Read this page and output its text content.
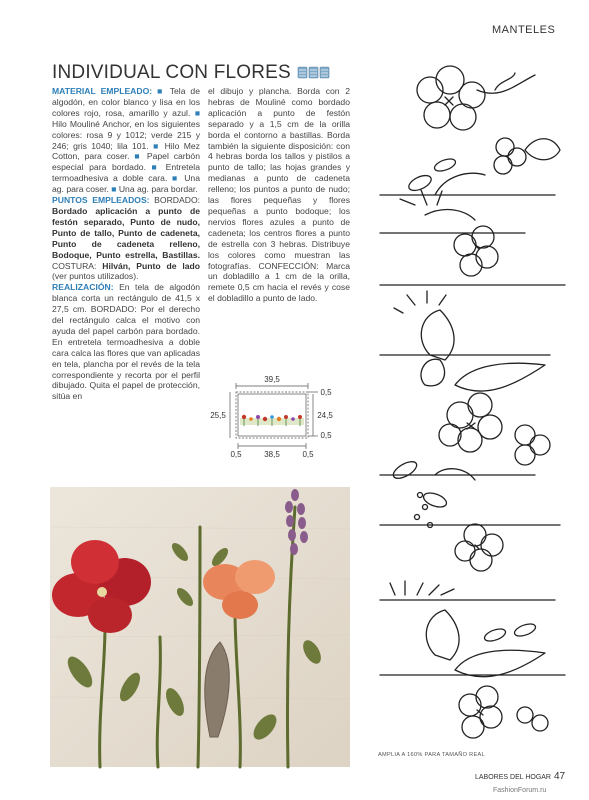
MANTELES
INDIVIDUAL CON FLORES
MATERIAL EMPLEADO: ■ Tela de algodón, en color blanco y lisa en los colores rojo, rosa, amarillo y azul. ■ Hilo Mouliné Anchor, en los siguientes colores: rosa 9 y 1012; verde 215 y 246; gris 1040; lila 101. ■ Hilo Mez Cotton, para coser. ■ Papel carbón especial para bordado. ■ Entretela termoadhesiva a doble cara. ■ Una ag. para coser. ■ Una ag. para bordar.
PUNTOS EMPLEADOS: BORDADO: Bordado aplicación a punto de festón separado, Punto de nudo, Punto de tallo, Punto de cadeneta, Punto de cadeneta relleno, Bodoque, Punto estrella, Bastillas. COSTURA: Hilván, Punto de lado (ver puntos utilizados).
REALIZACIÓN: En tela de algodón blanca corta un rectángulo de 41,5 x 27,5 cm. BORDADO: Por el derecho del rectángulo calca el motivo con ayuda del papel carbón para bordado. En entretela termoadhesiva a doble cara calca las flores que van aplicadas en tela, plancha por el revés de la tela correspondiente y recorta por el perfil dibujado. Quita el papel de protección, sitúa en
el dibujo y plancha. Borda con 2 hebras de Mouliné como bordado aplicación a punto de festón separado y a 1,5 cm de la orilla borda el contorno a bastillas. Borda también la siguiente disposición: con 4 hebras borda los tallos y pistilos a punto de tallo; las hojas grandes y medianas a punto de cadeneta relleno; los puntos a punto de nudo; las flores pequeñas y flores pequeñas a punto bodoque; los nervios flores azules a punto de cadeneta; los centros flores a punto de estrella con 3 hebras. Distribuye los colores como muestran las fotografías. CONFECCIÓN: Marca un dobladillo a 1 cm de la orilla, remete 0,5 cm hacia el revés y cose el dobladillo a punto de lado.
39,5
25,5	24,5
38,5
0,5
0,5
0,5	0,5
AMPLIA A 160% PARA TAMAÑO REAL
LABORES DEL HOGAR 47
FashionForum.ru
